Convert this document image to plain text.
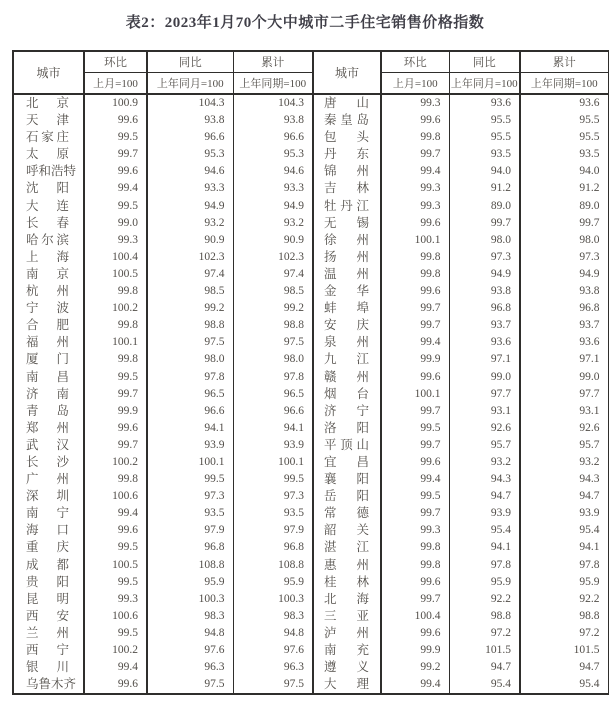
表2：2023年1月70个大中城市二手住宅销售价格指数
城市	环比	同比	累计	城市	环比	同比	累计
	上月=100	上年同月=100	上年同期=100		上月=100	上年同月=100	上年同期=100
北京	100.9	104.3	104.3	唐山	99.3	93.6	93.6
天津	99.6	93.8	93.8	秦皇岛	99.6	95.5	95.5
石家庄	99.5	96.6	96.6	包头	99.8	95.5	95.5
太原	99.7	95.3	95.3	丹东	99.7	93.5	93.5
呼和浩特	99.6	94.6	94.6	锦州	99.4	94.0	94.0
沈阳	99.4	93.3	93.3	吉林	99.3	91.2	91.2
大连	99.5	94.9	94.9	牡丹江	99.3	89.0	89.0
长春	99.0	93.2	93.2	无锡	99.6	99.7	99.7
哈尔滨	99.3	90.9	90.9	徐州	100.1	98.0	98.0
上海	100.4	102.3	102.3	扬州	99.8	97.3	97.3
南京	100.5	97.4	97.4	温州	99.8	94.9	94.9
杭州	99.8	98.5	98.5	金华	99.6	93.8	93.8
宁波	100.2	99.2	99.2	蚌埠	99.7	96.8	96.8
合肥	99.8	98.8	98.8	安庆	99.7	93.7	93.7
福州	100.1	97.5	97.5	泉州	99.4	93.6	93.6
厦门	99.8	98.0	98.0	九江	99.9	97.1	97.1
南昌	99.5	97.8	97.8	赣州	99.6	99.0	99.0
济南	99.7	96.5	96.5	烟台	100.1	97.7	97.7
青岛	99.9	96.6	96.6	济宁	99.7	93.1	93.1
郑州	99.6	94.1	94.1	洛阳	99.5	92.6	92.6
武汉	99.7	93.9	93.9	平顶山	99.7	95.7	95.7
长沙	100.2	100.1	100.1	宜昌	99.6	93.2	93.2
广州	99.8	99.5	99.5	襄阳	99.4	94.3	94.3
深圳	100.6	97.3	97.3	岳阳	99.5	94.7	94.7
南宁	99.4	93.5	93.5	常德	99.7	93.9	93.9
海口	99.6	97.9	97.9	韶关	99.3	95.4	95.4
重庆	99.5	96.8	96.8	湛江	99.8	94.1	94.1
成都	100.5	108.8	108.8	惠州	99.8	97.8	97.8
贵阳	99.5	95.9	95.9	桂林	99.6	95.9	95.9
昆明	99.3	100.3	100.3	北海	99.7	92.2	92.2
西安	100.6	98.3	98.3	三亚	100.4	98.8	98.8
兰州	99.5	94.8	94.8	泸州	99.6	97.2	97.2
西宁	100.2	97.6	97.6	南充	99.9	101.5	101.5
银川	99.4	96.3	96.3	遵义	99.2	94.7	94.7
乌鲁木齐	99.6	97.5	97.5	大理	99.4	95.4	95.4
